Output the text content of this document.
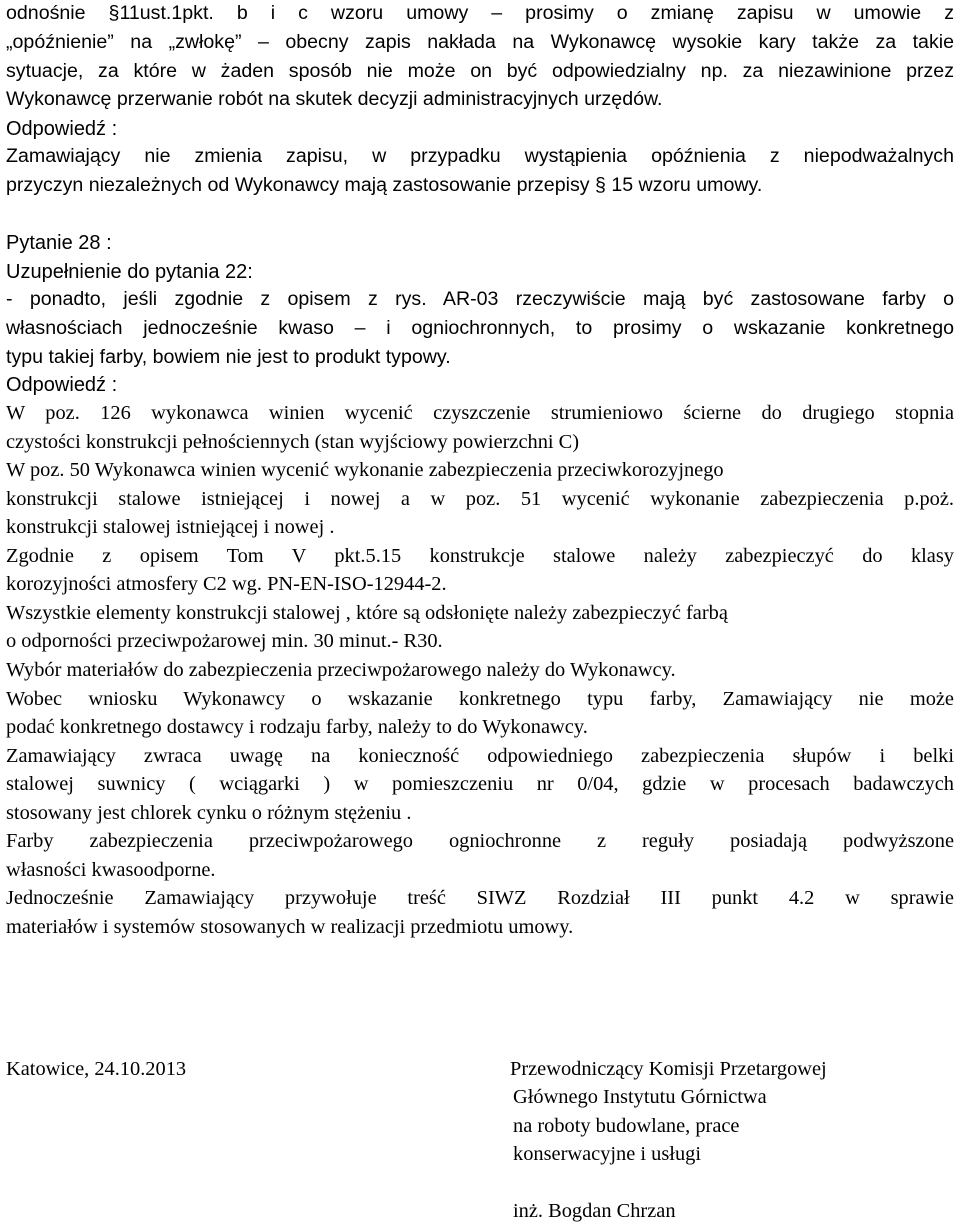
odnośnie §11ust.1pkt. b i c wzoru umowy – prosimy o zmianę zapisu w umowie z
„opóźnienie” na „zwłokę” – obecny zapis nakłada na Wykonawcę wysokie kary także za takie
sytuacje, za które w żaden sposób nie może on być odpowiedzialny np. za niezawinione przez
Wykonawcę przerwanie robót na skutek decyzji administracyjnych urzędów.
Odpowiedź :
Zamawiający nie zmienia zapisu, w przypadku wystąpienia opóźnienia z niepodważalnych
przyczyn niezależnych od Wykonawcy mają zastosowanie przepisy § 15 wzoru umowy.
Pytanie 28 :
Uzupełnienie do pytania 22:
- ponadto, jeśli zgodnie z opisem z rys. AR-03 rzeczywiście mają być zastosowane farby o
własnościach jednocześnie kwaso – i ogniochronnych, to prosimy o wskazanie konkretnego
typu takiej farby, bowiem nie jest to produkt typowy.
Odpowiedź :
W poz. 126 wykonawca winien wycenić czyszczenie strumieniowo ścierne do drugiego stopnia
czystości konstrukcji pełnościennych (stan wyjściowy powierzchni C)
W poz. 50 Wykonawca winien wycenić wykonanie zabezpieczenia przeciwkorozyjnego
konstrukcji stalowe istniejącej i nowej a w poz. 51 wycenić wykonanie zabezpieczenia p.poż.
konstrukcji stalowej istniejącej i nowej .
Zgodnie z opisem Tom V pkt.5.15 konstrukcje stalowe należy zabezpieczyć do klasy
korozyjności atmosfery C2 wg. PN-EN-ISO-12944-2.
Wszystkie elementy konstrukcji stalowej , które są odsłonięte należy zabezpieczyć farbą
o odporności przeciwpożarowej min. 30 minut.- R30.
Wybór materiałów do zabezpieczenia przeciwpożarowego należy do Wykonawcy.
Wobec wniosku Wykonawcy o wskazanie konkretnego typu farby, Zamawiający nie może
podać konkretnego dostawcy i rodzaju farby, należy to do Wykonawcy.
Zamawiający zwraca uwagę na konieczność odpowiedniego zabezpieczenia słupów i belki
stalowej suwnicy ( wciągarki ) w pomieszczeniu nr 0/04, gdzie w procesach badawczych
stosowany jest chlorek cynku o różnym stężeniu .
Farby zabezpieczenia przeciwpożarowego ogniochronne z reguły posiadają podwyższone
własności kwasoodporne.
Jednocześnie Zamawiający przywołuje treść SIWZ Rozdział III punkt 4.2 w sprawie
materiałów i systemów stosowanych w realizacji przedmiotu umowy.
Katowice, 24.10.2013	Przewodniczący Komisji Przetargowej
Głównego Instytutu Górnictwa
na roboty budowlane, prace
konserwacyjne i usługi
inż. Bogdan Chrzan
